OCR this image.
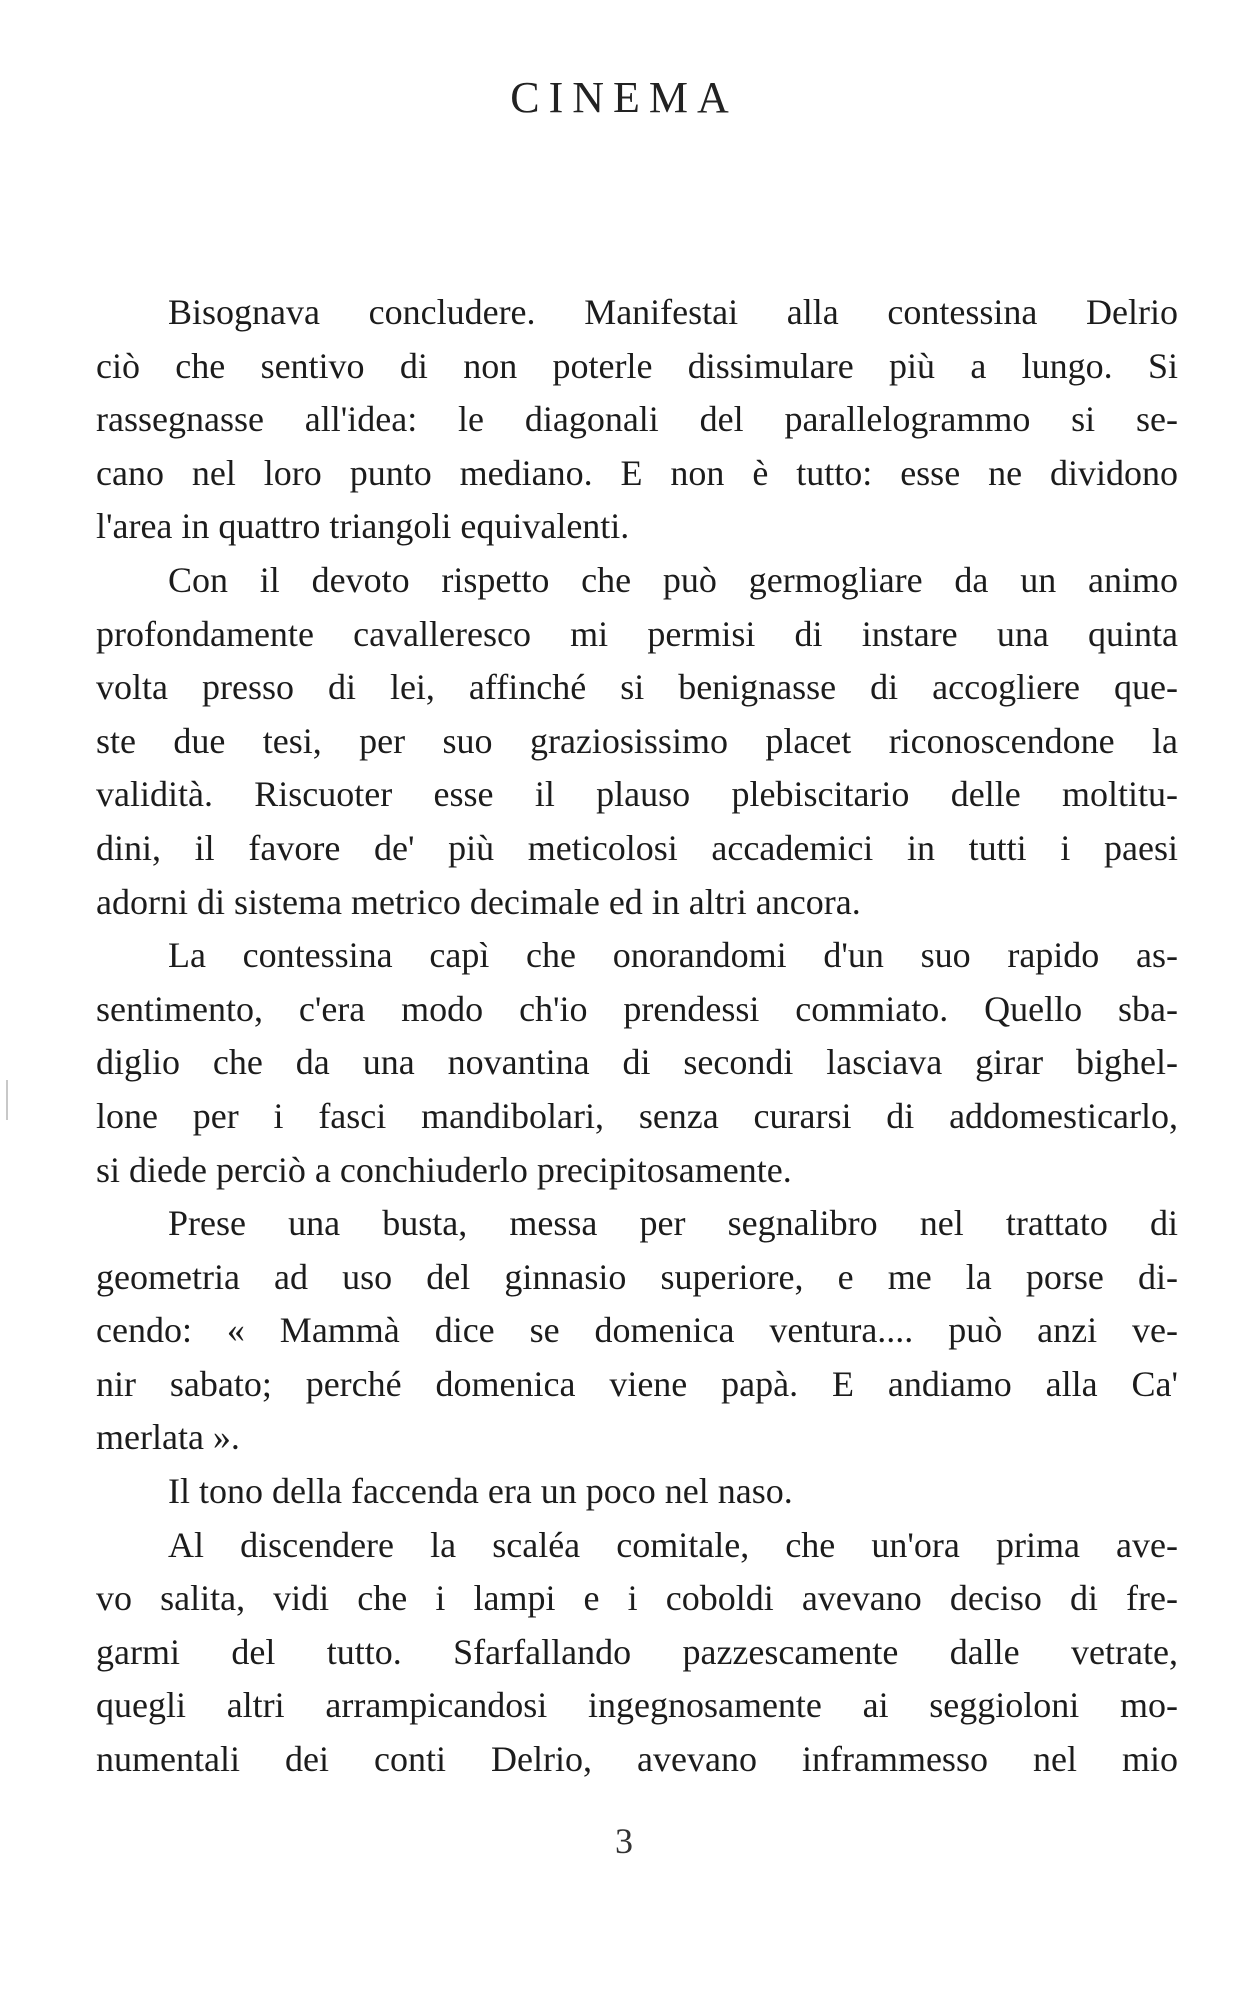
CINEMA
Bisognava concludere. Manifestai alla contessina Delrio
ciò che sentivo di non poterle dissimulare più a lungo. Si
rassegnasse all'idea: le diagonali del parallelogrammo si se-
cano nel loro punto mediano. E non è tutto: esse ne dividono
l'area in quattro triangoli equivalenti.
Con il devoto rispetto che può germogliare da un animo
profondamente cavalleresco mi permisi di instare una quinta
volta presso di lei, affinché si benignasse di accogliere que-
ste due tesi, per suo graziosissimo placet riconoscendone la
validità. Riscuoter esse il plauso plebiscitario delle moltitu-
dini, il favore de' più meticolosi accademici in tutti i paesi
adorni di sistema metrico decimale ed in altri ancora.
La contessina capì che onorandomi d'un suo rapido as-
sentimento, c'era modo ch'io prendessi commiato. Quello sba-
diglio che da una novantina di secondi lasciava girar bighel-
lone per i fasci mandibolari, senza curarsi di addomesticarlo,
si diede perciò a conchiuderlo precipitosamente.
Prese una busta, messa per segnalibro nel trattato di
geometria ad uso del ginnasio superiore, e me la porse di-
cendo: « Mammà dice se domenica ventura.... può anzi ve-
nir sabato; perché domenica viene papà. E andiamo alla Ca'
merlata ».
Il tono della faccenda era un poco nel naso.
Al discendere la scaléa comitale, che un'ora prima ave-
vo salita, vidi che i lampi e i coboldi avevano deciso di fre-
garmi del tutto. Sfarfallando pazzescamente dalle vetrate,
quegli altri arrampicandosi ingegnosamente ai seggioloni mo-
numentali dei conti Delrio, avevano inframmesso nel mio

3
